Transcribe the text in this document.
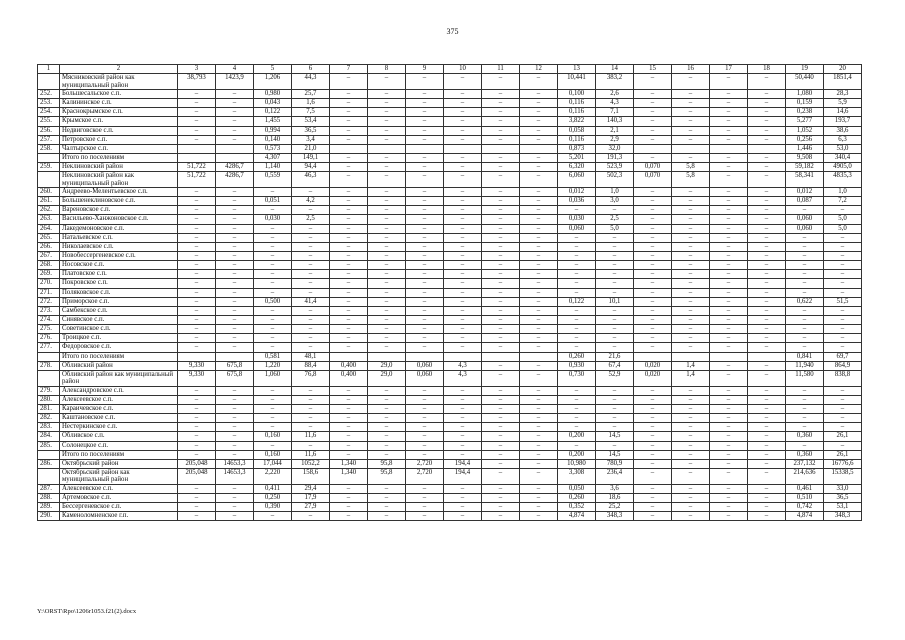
375
1	2	3	4	5	6	7	8	9	10	11	12	13	14	15	16	17	18	19	20
	Мясниковский район как муниципальный район	38,793	1423,9	1,206	44,3	–	–	–	–	–	–	10,441	383,2	–	–	–	–	50,440	1851,4
252.	Большесальское с.п.	–	–	0,980	25,7	–	–	–	–	–	–	0,100	2,6	–	–	–	–	1,080	28,3
253.	Калининское с.п.	–	–	0,043	1,6	–	–	–	–	–	–	0,116	4,3	–	–	–	–	0,159	5,9
254.	Краснокрымское с.п.	–	–	0,122	7,5	–	–	–	–	–	–	0,116	7,1	–	–	–	–	0,238	14,6
255.	Крымское с.п.	–	–	1,455	53,4	–	–	–	–	–	–	3,822	140,3	–	–	–	–	5,277	193,7
256.	Недвиговское с.п.	–	–	0,994	36,5	–	–	–	–	–	–	0,058	2,1	–	–	–	–	1,052	38,6
257.	Петровское с.п.	–	–	0,140	3,4	–	–	–	–	–	–	0,116	2,9	–	–	–	–	0,256	6,3
258.	Чалтырское с.п.			0,573	21,0							0,873	32,0					1,446	53,0
	Итого по поселениям			4,307	149,1	–	–	–	–	–	–	5,201	191,3	–	–	–	–	9,508	340,4
259.	Неклиновский район	51,722	4286,7	1,140	94,4	–	–	–	–	–	–	6,320	523,9	0,070	5,8	–	–	59,182	4905,0
	Неклиновский район как муниципальный район	51,722	4286,7	0,559	46,3	–	–	–	–	–	–	6,060	502,3	0,070	5,8	–	–	58,341	4835,3
260.	Андреево-Мелентьевское с.п.	–	–	–	–	–	–	–	–	–	–	0,012	1,0	–	–	–	–	0,012	1,0
261.	Большенеклиновское с.п.	–	–	0,051	4,2	–	–	–	–	–	–	0,036	3,0	–	–	–	–	0,087	7,2
262.	Вареновское с.п.	–	–	–	–	–	–	–	–	–	–	–	–	–	–	–	–	–	–
263.	Васильево-Ханжоновское с.п.	–	–	0,030	2,5	–	–	–	–	–	–	0,030	2,5	–	–	–	–	0,060	5,0
264.	Лакедемоновское с.п.	–	–	–	–	–	–	–	–	–	–	0,060	5,0	–	–	–	–	0,060	5,0
265.	Натальевское с.п.	–	–	–	–	–	–	–	–	–	–	–	–	–	–	–	–	–	–
266.	Николаевское с.п.	–	–	–	–	–	–	–	–	–	–	–	–	–	–	–	–	–	–
267.	Новобессергеневское с.п.	–	–	–	–	–	–	–	–	–	–	–	–	–	–	–	–	–	–
268.	Носовское с.п.	–	–	–	–	–	–	–	–	–	–	–	–	–	–	–	–	–	–
269.	Платовское с.п.	–	–	–	–	–	–	–	–	–	–	–	–	–	–	–	–	–	–
270.	Покровское с.п.	–	–	–	–	–	–	–	–	–	–	–	–	–	–	–	–	–	–
271.	Поляковское с.п.	–	–	–	–	–	–	–	–	–	–	–	–	–	–	–	–	–	–
272.	Приморское с.п.	–	–	0,500	41,4	–	–	–	–	–	–	0,122	10,1	–	–	–	–	0,622	51,5
273.	Самбекское с.п.	–	–	–	–	–	–	–	–	–	–	–	–	–	–	–	–	–	–
274.	Синявское с.п.	–	–	–	–	–	–	–	–	–	–	–	–	–	–	–	–	–	–
275.	Советинское с.п.	–	–	–	–	–	–	–	–	–	–	–	–	–	–	–	–	–	–
276.	Троицкое с.п.	–	–	–	–	–	–	–	–	–	–	–	–	–	–	–	–	–	–
277.	Федоровское с.п.	–	–	–	–	–	–	–	–	–	–	–	–	–	–	–	–	–	–
	Итого по поселениям			0,581	48,1							0,260	21,6					0,841	69,7
278.	Обливский район	9,330	675,8	1,220	88,4	0,400	29,0	0,060	4,3	–	–	0,930	67,4	0,020	1,4	–	–	11,940	864,9
	Обливский район как муниципальный район	9,330	675,8	1,060	76,8	0,400	29,0	0,060	4,3	–	–	0,730	52,9	0,020	1,4	–	–	11,580	838,8
279.	Александровское с.п.	–	–	–	–	–	–	–	–	–	–	–	–	–	–	–	–	–	–
280.	Алексеевское с.п.	–	–	–	–	–	–	–	–	–	–	–	–	–	–	–	–	–	–
281.	Караичевское с.п.	–	–	–	–	–	–	–	–	–	–	–	–	–	–	–	–	–	–
282.	Каштановское с.п.	–	–	–	–	–	–	–	–	–	–	–	–	–	–	–	–	–	–
283.	Нестеркинское с.п.	–	–	–	–	–	–	–	–	–	–	–	–	–	–	–	–	–	–
284.	Обливское с.п.	–	–	0,160	11,6	–	–	–	–	–	–	0,200	14,5	–	–	–	–	0,360	26,1
285.	Солонецкое с.п.	–	–	–	–	–	–	–	–	–	–	–	–	–	–	–	–	–	–
	Итого по поселениям	–	–	0,160	11,6	–	–	–	–	–	–	0,200	14,5	–	–	–	–	0,360	26,1
286.	Октябрьский район	205,048	14653,3	17,044	1052,2	1,340	95,8	2,720	194,4	–	–	10,980	780,9	–	–	–	–	237,132	16776,6
	Октябрьский район как муниципальный район	205,048	14653,3	2,220	158,6	1,340	95,8	2,720	194,4	–	–	3,308	236,4	–	–	–	–	214,636	15338,5
287.	Алексеевское с.п.	–	–	0,411	29,4	–	–	–	–	–	–	0,050	3,6	–	–	–	–	0,461	33,0
288.	Артемовское с.п.	–	–	0,250	17,9	–	–	–	–	–	–	0,260	18,6	–	–	–	–	0,510	36,5
289.	Бессергеневское с.п.	–	–	0,390	27,9	–	–	–	–	–	–	0,352	25,2	–	–	–	–	0,742	53,1
290.	Каменоломненское г.п.	–	–	–	–	–	–	–	–	–	–	4,874	348,3	–	–	–	–	4,874	348,3
Y:\ORST\Rpo\1206r1053.f21(2).docx
